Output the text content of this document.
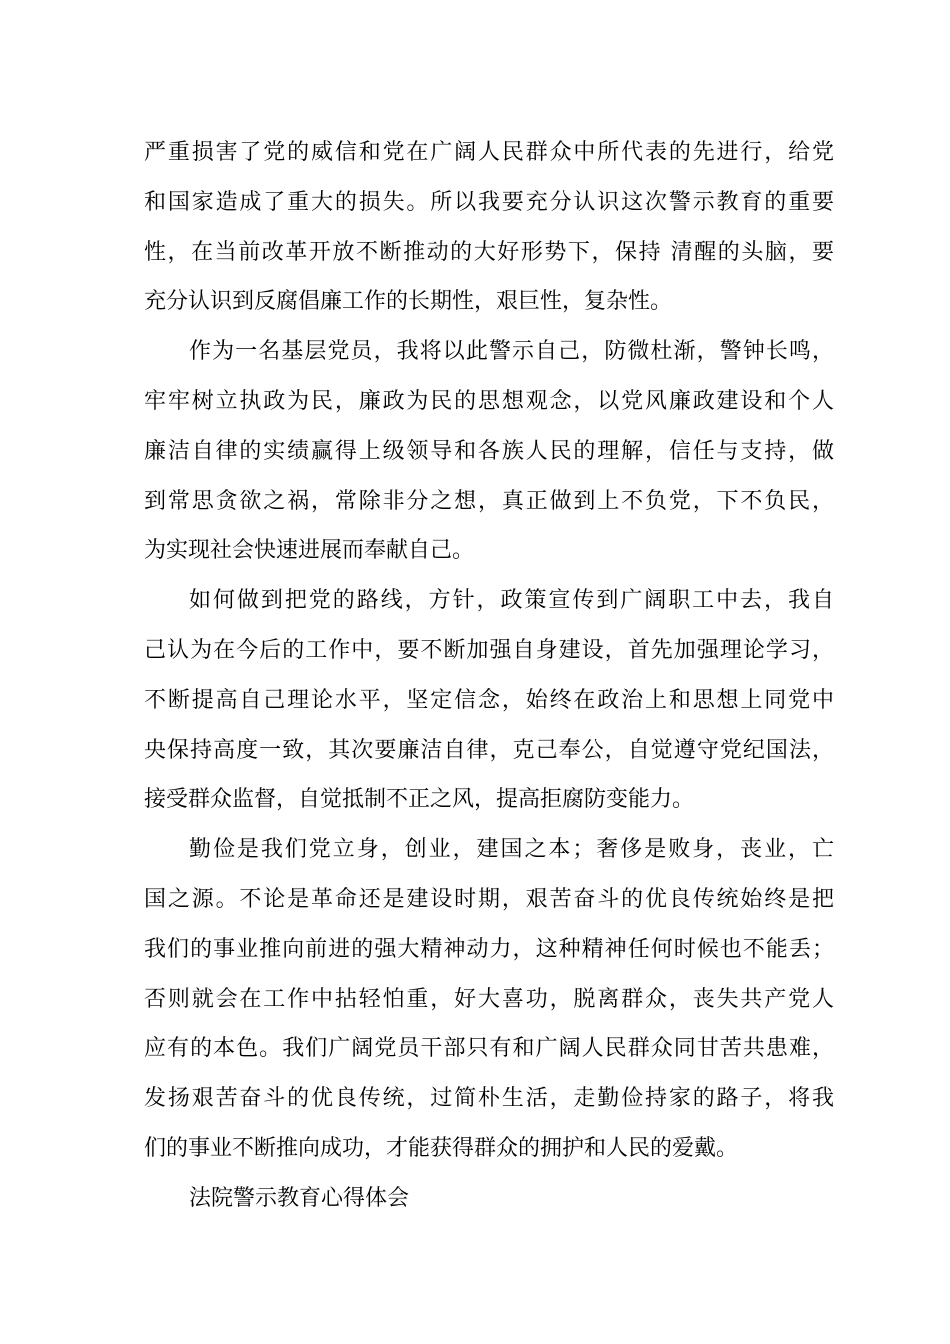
严重损害了党的威信和党在广阔人民群众中所代表的先进行，给党
和国家造成了重大的损失。所以我要充分认识这次警示教育的重要
性，在当前改革开放不断推动的大好形势下，保持 清醒的头脑，要
充分认识到反腐倡廉工作的长期性，艰巨性，复杂性。
作为一名基层党员，我将以此警示自己，防微杜渐，警钟长鸣，
牢牢树立执政为民，廉政为民的思想观念，以党风廉政建设和个人
廉洁自律的实绩赢得上级领导和各族人民的理解，信任与支持，做
到常思贪欲之祸，常除非分之想，真正做到上不负党，下不负民，
为实现社会快速进展而奉献自己。
如何做到把党的路线，方针，政策宣传到广阔职工中去，我自
己认为在今后的工作中，要不断加强自身建设，首先加强理论学习，
不断提高自己理论水平，坚定信念，始终在政治上和思想上同党中
央保持高度一致，其次要廉洁自律，克己奉公，自觉遵守党纪国法，
接受群众监督，自觉抵制不正之风，提高拒腐防变能力。
勤俭是我们党立身，创业，建国之本；奢侈是败身，丧业，亡
国之源。不论是革命还是建设时期，艰苦奋斗的优良传统始终是把
我们的事业推向前进的强大精神动力，这种精神任何时候也不能丢；
否则就会在工作中拈轻怕重，好大喜功，脱离群众，丧失共产党人
应有的本色。我们广阔党员干部只有和广阔人民群众同甘苦共患难，
发扬艰苦奋斗的优良传统，过简朴生活，走勤俭持家的路子，将我
们的事业不断推向成功，才能获得群众的拥护和人民的爱戴。
法院警示教育心得体会
